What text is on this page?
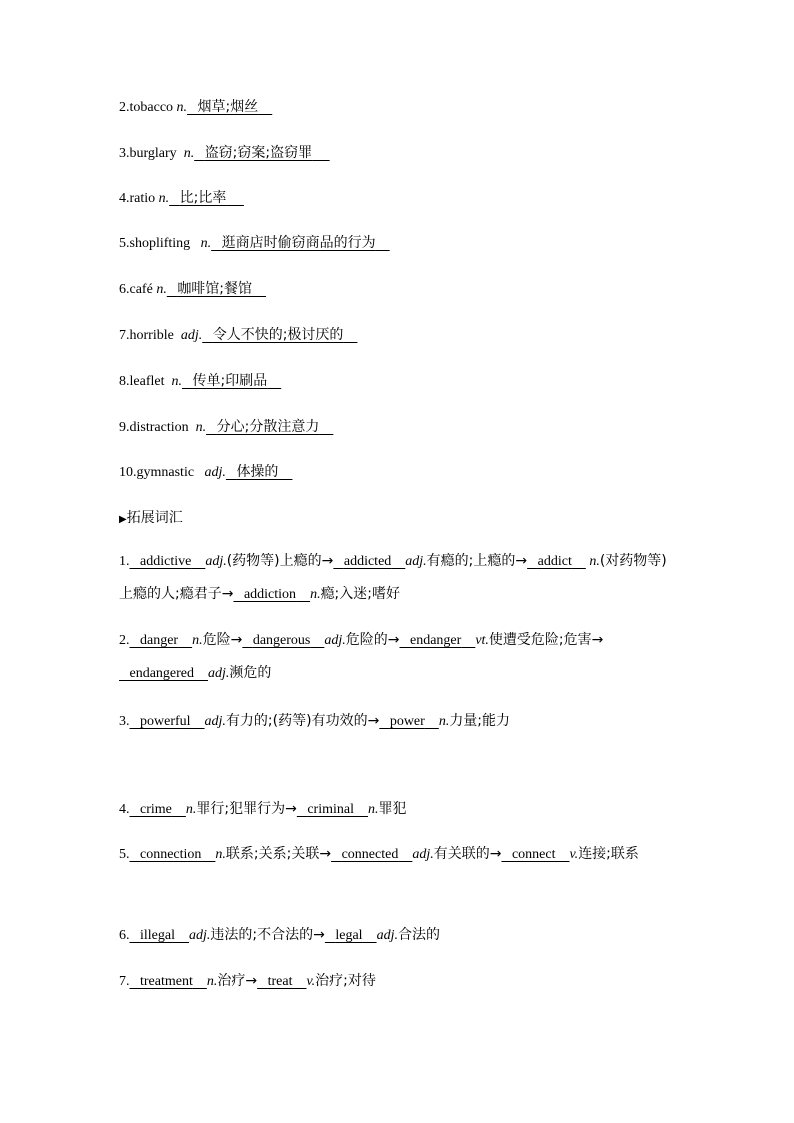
2.tobacco n. 烟草;烟丝
3.burglary n. 盗窃;窃案;盗窃罪
4.ratio n. 比;比率
5.shoplifting n. 逛商店时偷窃商品的行为
6.café n. 咖啡馆;餐馆
7.horrible adj. 令人不快的;极讨厌的
8.leaflet n. 传单;印刷品
9.distraction n. 分心;分散注意力
10.gymnastic adj. 体操的
▶拓展词汇
1. addictive adj.(药物等)上瘾的→ addicted adj.有瘾的;上瘾的→ addict n.(对药物等)上瘾的人;瘾君子→ addiction n.瘾;入迷;嗜好
2. danger n.危险→ dangerous adj.危险的→ endanger vt.使遭受危险;危害→   endangered adj.濒危的
3. powerful adj.有力的;(药等)有功效的→ power n.力量;能力
4. crime n.罪行;犯罪行为→ criminal n.罪犯
5. connection n.联系;关系;关联→ connected adj.有关联的→ connect v.连接;联系
6. illegal adj.违法的;不合法的→ legal adj.合法的
7. treatment n.治疗→ treat v.治疗;对待
